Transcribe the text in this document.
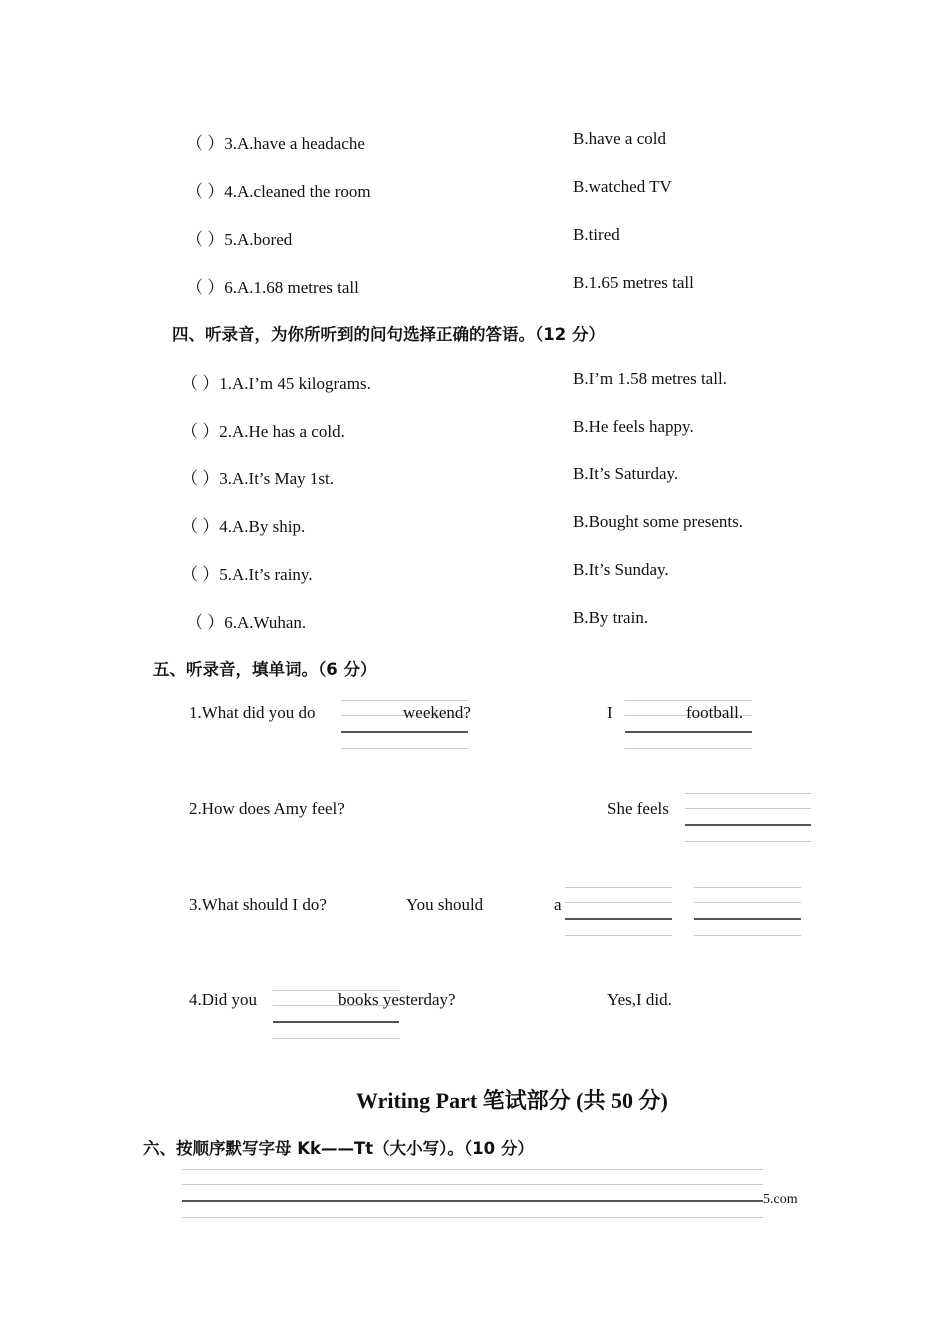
（ ）3.A.have a headache	B.have a cold
（ ）4.A.cleaned the room	B.watched TV
（ ）5.A.bored	B.tired
（ ）6.A.1.68 metres tall	B.1.65 metres tall
四、听录音，为你所听到的问句选择正确的答语。（12 分）
（ ）1.A.I’m 45 kilograms.	B.I’m 1.58 metres tall.
（ ）2.A.He has a cold.	B.He feels happy.
（ ）3.A.It’s May 1st.	B.It’s Saturday.
（ ）4.A.By ship.	B.Bought some presents.
（ ）5.A.It’s rainy.	B.It’s Sunday.
（ ）6.A.Wuhan.	B.By train.
五、听录音，填单词。（6 分）
1.What did you do	weekend?	I	football.
2.How does Amy feel?	She feels
3.What should I do?	You should	a
4.Did you	books yesterday?	Yes,I did.
Writing Part 笔试部分 (共 50 分)
六、按顺序默写字母 Kk——Tt（大小写）。（10 分）
5.com
